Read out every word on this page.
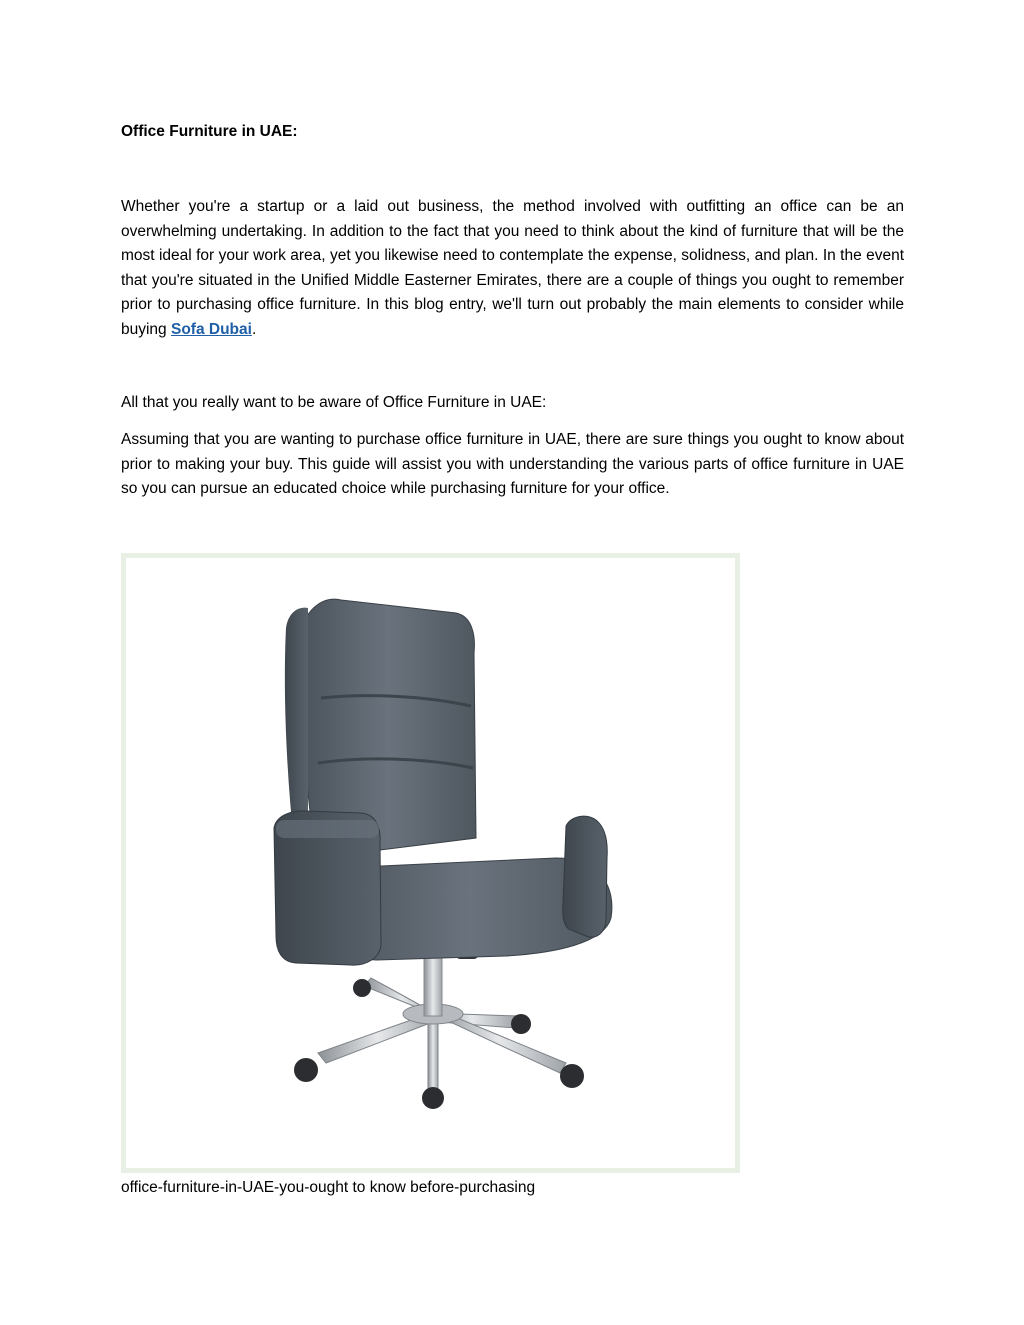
Office Furniture in UAE:

Whether you're a startup or a laid out business, the method involved with outfitting an office can be an overwhelming undertaking. In addition to the fact that you need to think about the kind of furniture that will be the most ideal for your work area, yet you likewise need to contemplate the expense, solidness, and plan. In the event that you're situated in the Unified Middle Easterner Emirates, there are a couple of things you ought to remember prior to purchasing office furniture. In this blog entry, we'll turn out probably the main elements to consider while buying Sofa Dubai.

All that you really want to be aware of Office Furniture in UAE:

Assuming that you are wanting to purchase office furniture in UAE, there are sure things you ought to know about prior to making your buy. This guide will assist you with understanding the various parts of office furniture in UAE so you can pursue an educated choice while purchasing furniture for your office.

office-furniture-in-UAE-you-ought to know before-purchasing
